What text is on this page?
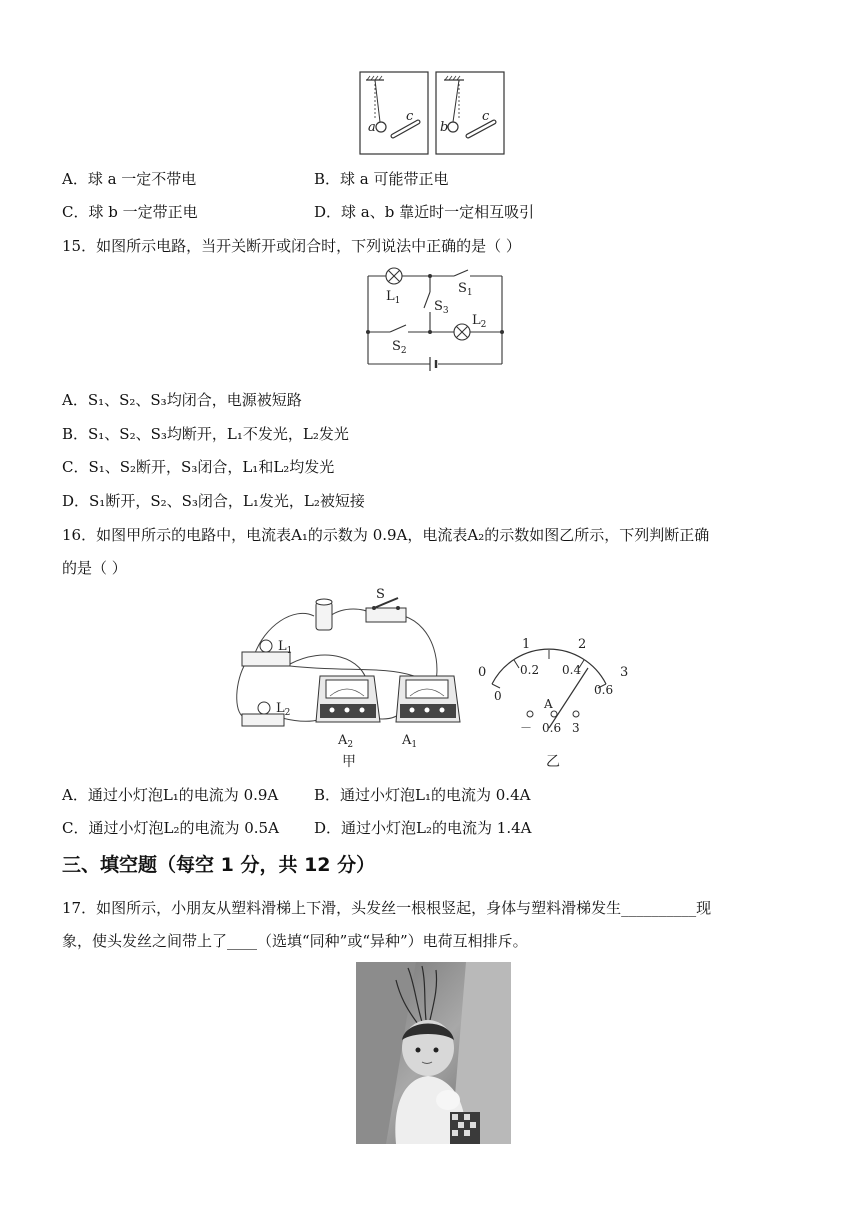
a
c
b
c
A．球 a 一定不带电	B．球 a 可能带正电
C．球 b 一定带正电	D．球 a、b 靠近时一定相互吸引
15．如图所示电路，当开关断开或闭合时，下列说法中正确的是（ ）
$L_1$
$S_1$
$S_3$
$L_2$
$S_2$
A．S₁、S₂、S₃均闭合，电源被短路
B．S₁、S₂、S₃均断开，L₁不发光，L₂发光
C．S₁、S₂断开，S₃闭合，L₁和L₂均发光
D．S₁断开，S₂、S₃闭合，L₁发光，L₂被短接
16．如图甲所示的电路中，电流表A₁的示数为 0.9A，电流表A₂的示数如图乙所示，下列判断正确
的是（ ）
S
$L_1$
$L_2$
$A_2$	$A_1$
甲
0
1	2
3
0
0.2 0.4
0.6
A
－ 0.6 3
乙
A．通过小灯泡L₁的电流为 0.9A B．通过小灯泡L₁的电流为 0.4A
C．通过小灯泡L₂的电流为 0.5A D．通过小灯泡L₂的电流为 1.4A
三、填空题（每空 1 分，共 12 分）
17．如图所示，小朋友从塑料滑梯上下滑，头发丝一根根竖起，身体与塑料滑梯发生__________现
象，使头发丝之间带上了____（选填“同种”或“异种”）电荷互相排斥。
